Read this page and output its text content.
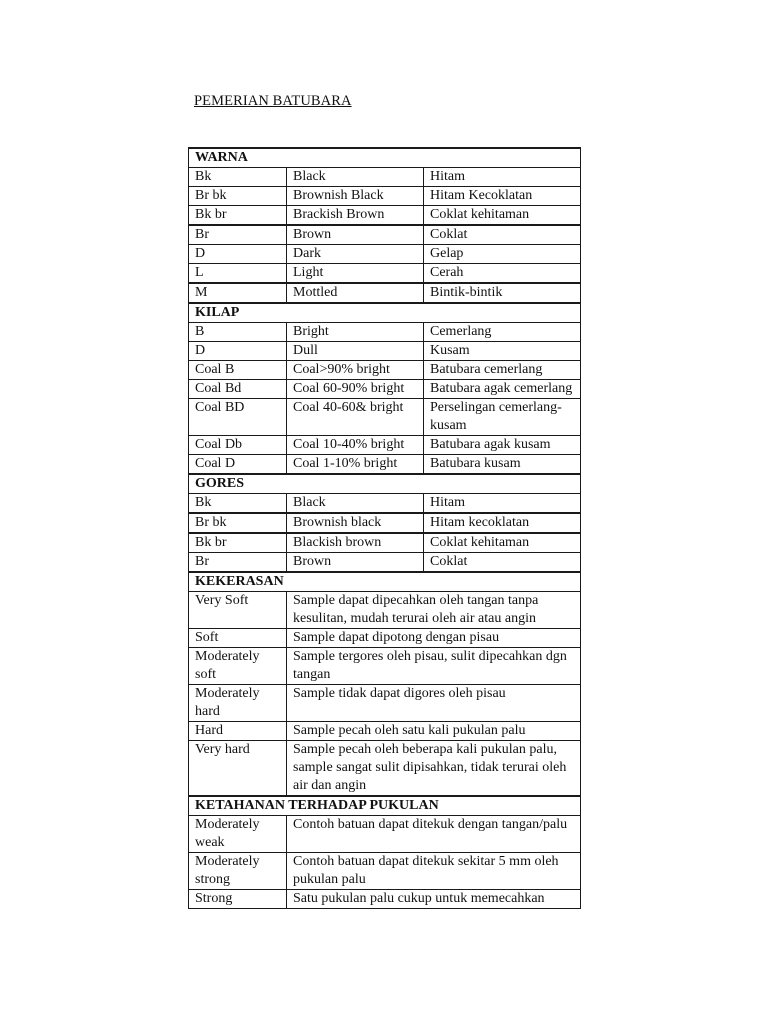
PEMERIAN BATUBARA
WARNA		
Bk	Black	Hitam
Br bk	Brownish Black	Hitam Kecoklatan
Bk br	Brackish Brown	Coklat kehitaman
Br	Brown	Coklat
D	Dark	Gelap
L	Light	Cerah
M	Mottled	Bintik-bintik
KILAP		
B	Bright	Cemerlang
D	Dull	Kusam
Coal B	Coal>90% bright	Batubara cemerlang
Coal Bd	Coal 60-90% bright	Batubara agak cemerlang
Coal BD	Coal 40-60& bright	Perselingan cemerlang-kusam
Coal Db	Coal 10-40% bright	Batubara agak kusam
Coal D	Coal 1-10% bright	Batubara kusam
GORES		
Bk	Black	Hitam
Br bk	Brownish black	Hitam kecoklatan
Bk br	Blackish brown	Coklat kehitaman
Br	Brown	Coklat
KEKERASAN		
Very Soft	Sample dapat dipecahkan oleh tangan tanpa kesulitan, mudah terurai oleh air atau angin	
Soft	Sample dapat dipotong dengan pisau	
Moderately soft	Sample tergores oleh pisau, sulit dipecahkan dgn tangan	
Moderately hard	Sample tidak dapat digores oleh pisau	
Hard	Sample pecah oleh satu kali pukulan palu	
Very hard	Sample pecah oleh beberapa kali pukulan palu, sample sangat sulit dipisahkan, tidak terurai oleh air dan angin	
KETAHANAN TERHADAP PUKULAN		
Moderately weak	Contoh batuan dapat ditekuk dengan tangan/palu	
Moderately strong	Contoh batuan dapat ditekuk sekitar 5 mm oleh pukulan palu	
Strong	Satu pukulan palu cukup untuk memecahkan	
